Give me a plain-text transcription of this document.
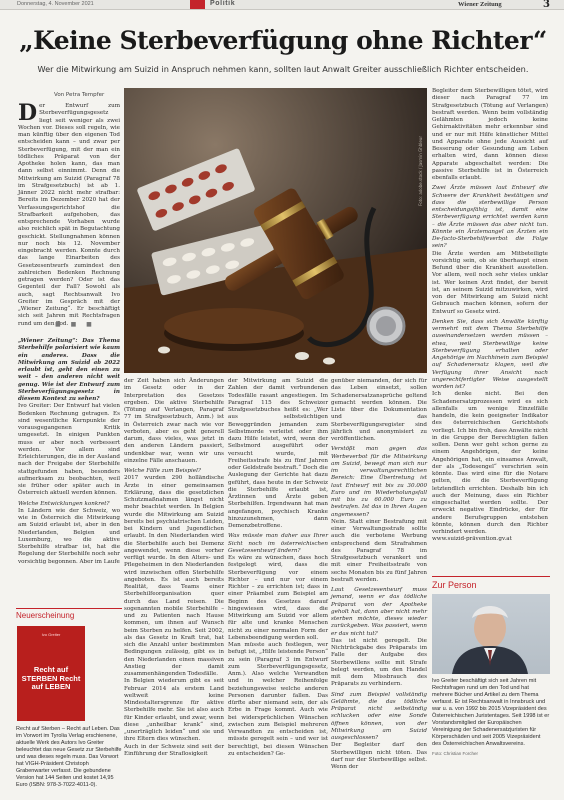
Donnerstag, 4. November 2021	Politik	Wiener Zeitung	3
„Keine Sterbeverfügung ohne Richter“
Wer die Mitwirkung am Suizid in Anspruch nehmen kann, sollten laut Anwalt Greiter ausschließlich Richter entscheiden.
Von Petra Tempfer
Der Entwurf zum Sterbeverfügungsgesetz liegt seit weniger als zwei Wochen vor. Dieses soll regeln, wie man künftig über den eigenen Tod entscheiden kann – und zwar per Sterbeverfügung, mit der man ein tödliches Präparat von der Apotheke holen kann, das man dann selbst einnimmt. Denn die Mitwirkung am Suizid (Paragraf 78 im Strafgesetzbuch) ist ab 1. Jänner 2022 nicht mehr strafbar: Bereits im Dezember 2020 hat der Verfassungsgerichtshof die Strafbarkeit aufgehoben, das entsprechende Vorhaben wurde also reichlich spät in Begutachtung geschickt. Stellungnahmen können nur noch bis 12. November eingebracht werden. Konnte durch das lange Einarbeiten des Gesetzesentwurfs zumindest den zahlreichen Bedenken Rechnung getragen werden? Oder ist das Gegenteil der Fall? Sowohl als auch, sagt Rechtsanwalt Ivo Greiter im Gespräch mit der „Wiener Zeitung“. Er beschäftigt sich seit Jahren mit Rechtsfragen rund um den Tod.
■ ■ ■

„Wiener Zeitung“: Das Thema Sterbehilfe polarisiert wie kaum ein anderes. Dass die Mitwirkung am Suizid ab 2022 erlaubt ist, geht den einen zu weit – den anderen nicht weit genug. Wie ist der Entwurf zum Sterbeverfügungsgesetz in diesem Kontext zu sehen?

Ivo Greiter: Der Entwurf hat vielen Bedenken Rechnung getragen. Es sind wesentliche Kernpunkte der vorausgegangenen Kritik umgesetzt. In einigen Punkten muss er aber noch verbessert werden. Vor allem sind Erleichterungen, die in der Ausland nach der Freigabe der Sterbehilfe stattgefunden haben, besonders aufmerksam zu beobachten, weil sie früher oder später auch in Österreich aktuell werden können.

Welche Entwicklungen konkret?

In Ländern wie der Schweiz, wo wie in Österreich die Mitwirkung am Suizid erlaubt ist, aber in den Niederlanden, Belgien und Luxemburg, wo die aktive Sterbehilfe strafbar ist, hat die Regelung der Sterbehilfe noch sehr vorsichtig begonnen. Aber im Laufe

Foto: adobe.stock / Jasmin Ghbleur

der Zeit haben sich Änderungen im Gesetz oder in der Interpretation des Gesetzes ergeben. Die aktive Sterbehilfe (Tötung auf Verlangen, Paragraf 77 im Strafgesetzbuch, Anm.) ist in Österreich zwar nach wie vor verboten, aber es geht generell darum, dass vieles, was jetzt in den anderen Ländern passiert, undenkbar war, wenn wir uns einzelne Fälle anschauen.

Welche Fälle zum Beispiel?

2017 wurden 290 holländische Ärzte in einer gemeinsamen Erklärung, dass die gesetzlichen Schutzmaßnahmen längst nicht mehr beachtet werden. In Belgien wurde die Mitwirkung am Suizid bereits bei psychiatrischen Leiden, bei Kindern und Jugendlichen erlaubt. In den Niederlanden wird die Sterbehilfe auch bei Demenz angewendet, wenn diese vorher verfügt wurde. In den Alters- und Pflegeheimen in den Niederlanden wird inzwischen offen Sterbehilfe angeboten. Es ist auch bereits Realität, dass Teams einer Sterbehilfeorganisation quer durch das Land reisen. Die sogenannten mobile Sterbehilfe – und zu Patienten nach Hause kommen, um ihnen auf Wunsch beim Sterben zu helfen. Seit 2002, als das Gesetz in Kraft trat, hat sich die Anzahl unter bestimmten Bedingungen zulässig, gibt es in den Niederlanden einen massiven Anstieg der damit zusammenhängenden Todesfälle.

In Belgien wiederum gibt es seit Februar 2014 als erstem Land weltweit keine Mindestaltersgrenze für aktive Sterbehilfe mehr. Sie ist also auch für Kinder erlaubt, und zwar, wenn diese „unheilbar krank“ sind, „unerträglich leiden“ und sie und ihre Eltern dies wünschen.

Auch in der Schweiz sind seit der Einführung der Straflosigkeit

der Mitwirkung am Suizid die Zahlen der damit verbundenen Todesfälle rasant angestiegen. Im Paragraf 115 des Schweizer Strafgesetzbuches heißt es: „Wer aus selbstsüchtigen Beweggründen jemanden zum Selbstmorde verleitet oder ihm dazu Hilfe leistet, wird, wenn der Selbstmord ausgeführt oder versucht wurde, mit Freiheitsstrafe bis zu fünf Jahren oder Geldstrafe bestraft.“ Doch die Auslegung der Gerichte hat dazu geführt, dass heute in der Schweiz die Sterbehilfe erlaubt ist, Ärztinnen und Ärzte geben Sterbehilfen. Irgendwann hat man angefangen, psychisch Kranke hinzuzunehmen, dann Demenzbetroffene.

Was müsste man daher aus Ihrer Sicht noch im österreichischen Gesetzesentwurf ändern?

Es wäre zu wünschen, dass hoch festgelegt wird, dass die Sterbeverfügung vor einem Richter – und nur vor einem Richter – zu errichten ist; dass in einer Präambel zum Beispiel am Beginn des Gesetzes darauf hingewiesen wird, dass die Mitwirkung am Suizid vor allem für alte und kranke Menschen nicht zu einer normalen Form der Lebensbeendigung werden soll.

Man müsste auch festlegen, wer befugt ist, „Hilfe leistende Person“ zu sein (Paragraf 3 im Entwurf zum Sterbeverfügungsgesetz, Anm.). Also welche Verwandten und in welcher Reihenfolge beziehungsweise welche anderen Personen darunter fallen. Das dürfte aber niemand sein, der als Erbe in Frage kommt. Auch wie bei widersprüchlichen Wünschen zwischen zum Beispiel mehreren Verwandten zu entscheiden ist, müsste geregelt sein – und wer ist berechtigt, bei diesen Wünschen zu entscheiden? Ge-

genüber niemanden, der sich für das Leben einsetzt, sollen Schadenersatzansprüche geltend gemacht werden können. Die Liste über die Dokumentation und das Sterbeverfügungsregister sind jährlich und anonymisiert zu veröffentlichen.

Verstößt man gegen das Werbeverbot für die Mitwirkung am Suizid, bewegt man sich nur im verwaltungsrechtlichen Bereich: Eine Übertretung ist laut Entwurf mit bis zu 30.000 Euro und im Wiederholungsfall mit bis zu 60.000 Euro zu bestrafen. Ist das in Ihren Augen angemessen?

Nein. Statt einer Bestrafung mit einer Verwaltungsstrafe sollte auch die verbotene Werbung entsprechend dem Strafrahmen des Paragraf 78 im Strafgesetzbuch verankert und mit einer Freiheitsstrafe von sechs Monaten bis zu fünf Jahren bestraft werden.

Laut Gesetzesentwurf muss jemand, wenn er das tödliche Präparat von der Apotheke geholt hat, dann aber nicht mehr sterben möchte, dieses wieder zurückgeben. Was passiert, wenn er das nicht tut?

Das ist nicht geregelt. Die Nichtrückgabe des Präparats im Falle der Aufgabe des Sterbewillens sollte mit Strafe belegt werden, um den Handel mit dem Missbrauch des Präparats zu verhindern.

Sind zum Beispiel vollständig Gelähmte, die das tödliche Präparat nicht selbständig schlucken oder eine Sonde öffnen können, von der Mitwirkung am Suizid ausgeschlossen?

Der Begleiter darf den Sterbewilligen nicht töten. Das darf nur der Sterbewillige selbst. Wenn der

Begleiter dem Sterbewilligen tötet, wird dieser nach Paragraf 77 im Strafgesetzbuch (Tötung auf Verlangen) bestraft werden. Wenn beim vollständig Gelähmten jedoch keine Gehirnaktivitäten mehr erkennbar sind und er nur mit Hilfe künstlicher Mittel und Apparate ohne jede Aussicht auf Besserung oder Gesundung am Leben erhalten wird, dann können diese Apparate abgeschaltet werden: Die passive Sterbehilfe ist in Österreich ebenfalls erlaubt.

Zwei Ärzte müssen laut Entwurf die Schwere der Krankheit bestätigen und dass die sterbewillige Person entscheidungsfähig ist, damit eine Sterbeverfügung errichtet werden kann – die Ärzte müssen das aber nicht tun. Könnte ein Ärztemangel an Ärzten ein De-facto-Sterbehilfeverbot die Folge sein?

Die Ärzte werden am Mitbeteiligte vorsichtig sein, ob sie überhaupt einen Befund über die Krankheit ausstellen. Vor allem, weil noch sehr vieles unklar ist. Wer keinen Arzt findet, der bereit ist, an seinem Suizid mitzuwirken, wird von der Mitwirkung am Suizid nicht Gebrauch machen können, sofern der Entwurf so Gesetz wird.

Denken Sie, dass sich Anwälte künftig vermehrt mit dem Thema Sterbehilfe auseinandersetzen werden müssen – etwa, weil Sterbewillige keine Sterbeverfügung erhalten oder Angehörige im Nachhinein zum Beispiel auf Schadenersatz klagen, weil die Verfügung ihrer Ansicht nach ungerechtfertigter Weise ausgestellt worden ist?

Ich denke nicht. Bei den Schadenersatzprozessen wird es sich allenfalls um wenige Einzelfälle handeln, die kein geeigneter Indikator des österreichischen Gerichtshofs vorliegt. Ich bin froh, dass Anwälte nicht in die Gruppe der Berechtigten fallen sollen. Denn wer geht schon gerne zu einem Angehörigen, der keine Angehörigen hat, ein einsames Anwalt, der als „Todesengel“ verschrien sein könnte. Das wird eine für die Notare gelten, die die Sterbeverfügung letztendlich errichten. Deshalb bin ich auch der Meinung, dass ein Richter eingeschaltet werden sollte. Der erweckt negative Eindrücke, der für andere Berufsgruppen entstehen könnte, können durch den Richter verhindert werden.

www.suizid-prävention.gv.at
Neuerscheinung
Ivo Greiter
Recht auf STERBEN Recht auf LEBEN
Recht auf Sterben – Recht auf Leben. Das im Vorwort im Tyrolia Verlag erschienene, aktuelle Werk des Autors Ivo Greiter beleuchtet das neue Gesetz zur Sterbehilfe und was dieses regeln muss. Das Vorwort hat VIGH-Präsident Christoph Grabenwarter verfasst. Die gebundene Version hat 144 Seiten und kostet 14,95 Euro (ISBN: 978-3-7022-4011-0).
Zur Person
Ivo Greiter beschäftigt sich seit Jahren mit Rechtsfragen rund um den Tod und hat mehrere Bücher und Artikel zu dem Thema verfasst. Er ist Rechtsanwalt in Innsbruck und war u. a. von 1992 bis 2015 Vizepräsident des Österreichischen Juristentages. Seit 1998 ist er Vorstandsmitglied der Europäischen Vereinigung der Schadenersatzjuristen für Körperschäden und seit 2005 Vizepräsident des Österreichischen Anwaltsvereins.
Foto: Christian Forcher
